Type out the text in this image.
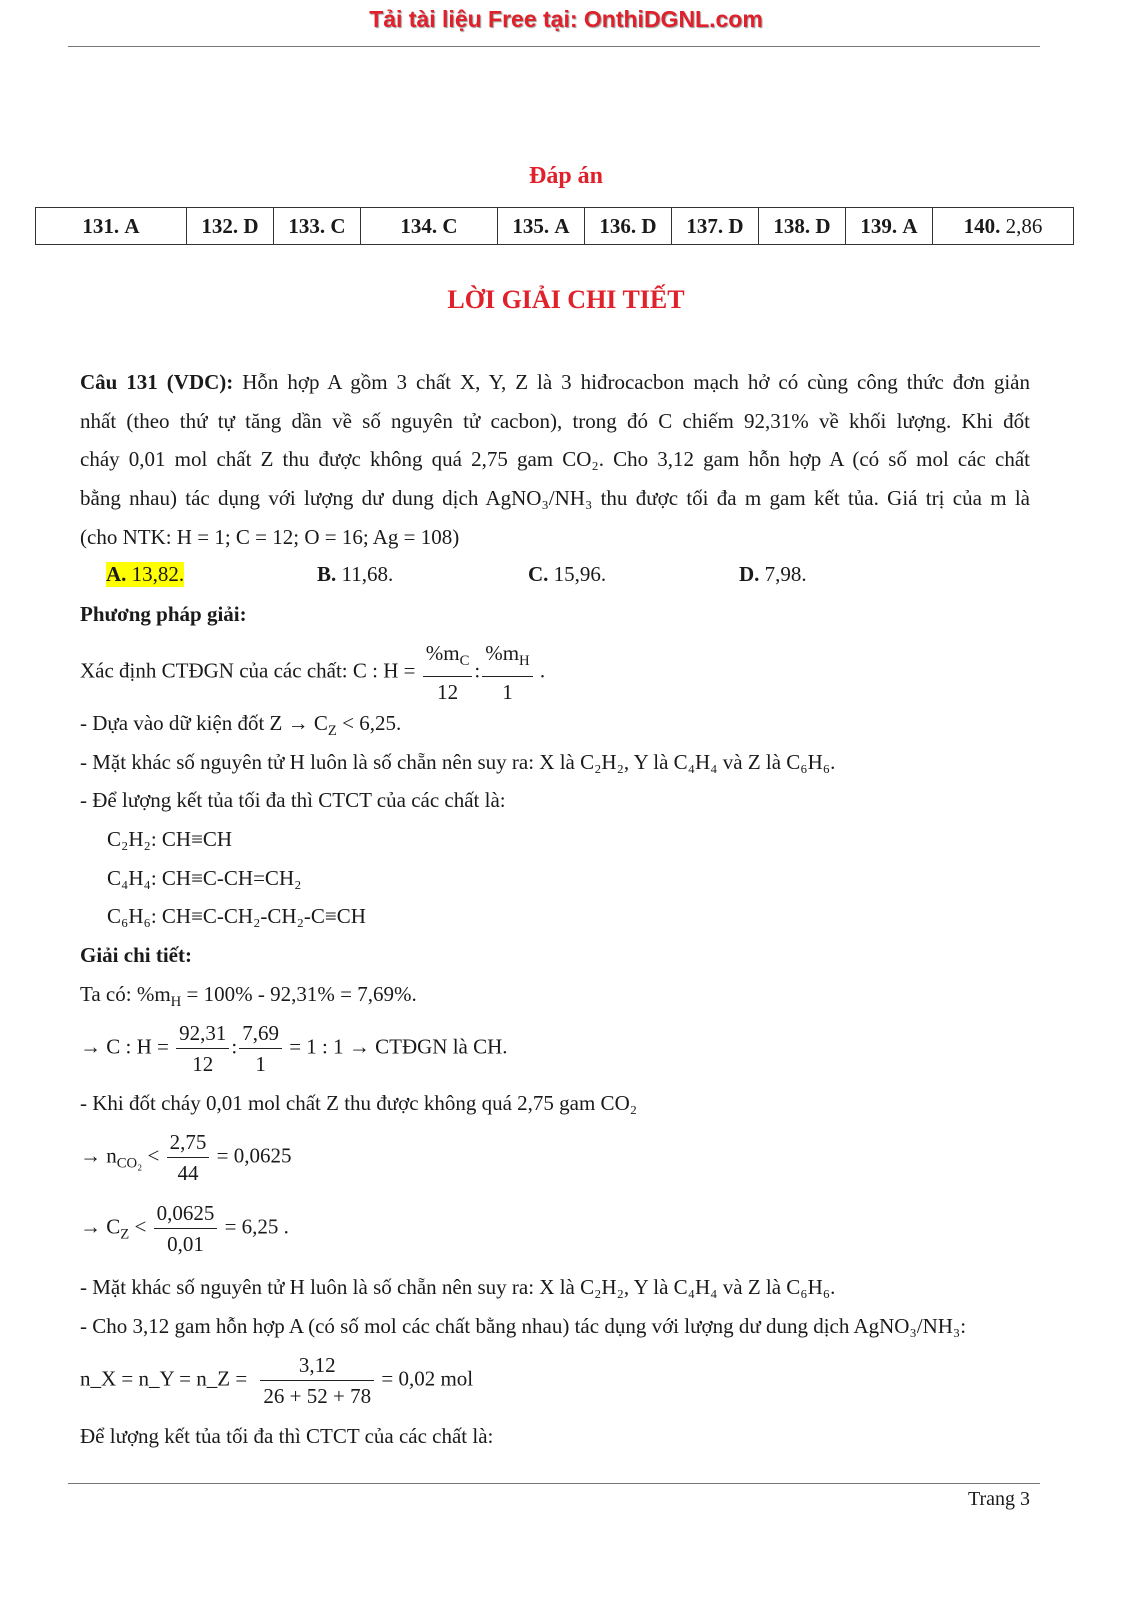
Tải tài liệu Free tại: OnthiDGNL.com
Đáp án
131. A	132. D	133. C	134. C	135. A	136. D	137. D	138. D	139. A	140. 2,86
LỜI GIẢI CHI TIẾT
Câu 131 (VDC): Hỗn hợp A gồm 3 chất X, Y, Z là 3 hiđrocacbon mạch hở có cùng công thức đơn giản
nhất (theo thứ tự tăng dần về số nguyên tử cacbon), trong đó C chiếm 92,31% về khối lượng. Khi đốt
cháy 0,01 mol chất Z thu được không quá 2,75 gam CO₂. Cho 3,12 gam hỗn hợp A (có số mol các chất
bằng nhau) tác dụng với lượng dư dung dịch AgNO₃/NH₃ thu được tối đa m gam kết tủa. Giá trị của m là
(cho NTK: H = 1; C = 12; O = 16; Ag = 108)
A. 13,82.	B. 11,68.	C. 15,96.	D. 7,98.
Phương pháp giải:
Xác định CTĐGN của các chất: C : $H = \frac{\%m_C}{12}$ : $\frac{\%m_H}{1}$ .
- Dựa vào dữ kiện đốt $Z \to C_Z < 6,25$.
- Mặt khác số nguyên tử H luôn là số chẵn nên suy ra: X là C₂H₂, Y là C₄H₄ và Z là C₆H₆.
- Để lượng kết tủa tối đa thì CTCT của các chất là:
C₂H₂: CH≡CH
C₄H₄: CH≡C-CH=CH₂
C₆H₆: CH≡C-CH₂-CH₂-C≡CH
Giải chi tiết:
Ta có: $\%m_H = 100\% - 92,31\% = 7,69\%$.
→ C : $H = \frac{92,31}{12}$ : $\frac{7,69}{1} = 1$ : 1 → CTĐGN là CH.
- Khi đốt cháy 0,01 mol chất Z thu được không quá 2,75 gam CO₂
→ $n_{CO_2} < \frac{2,75}{44} = 0,0625$
→ $C_Z < \frac{0,0625}{0,01} = 6,25$ .
- Mặt khác số nguyên tử H luôn là số chẵn nên suy ra: X là C₂H₂, Y là C₄H₄ và Z là C₆H₆.
- Cho 3,12 gam hỗn hợp A (có số mol các chất bằng nhau) tác dụng với lượng dư dung dịch AgNO₃/NH₃:
n_X = n_Y = n_Z = $\frac{3,12}{26 + 52 + 78} = 0,02$ mol
Để lượng kết tủa tối đa thì CTCT của các chất là:
Trang 3
